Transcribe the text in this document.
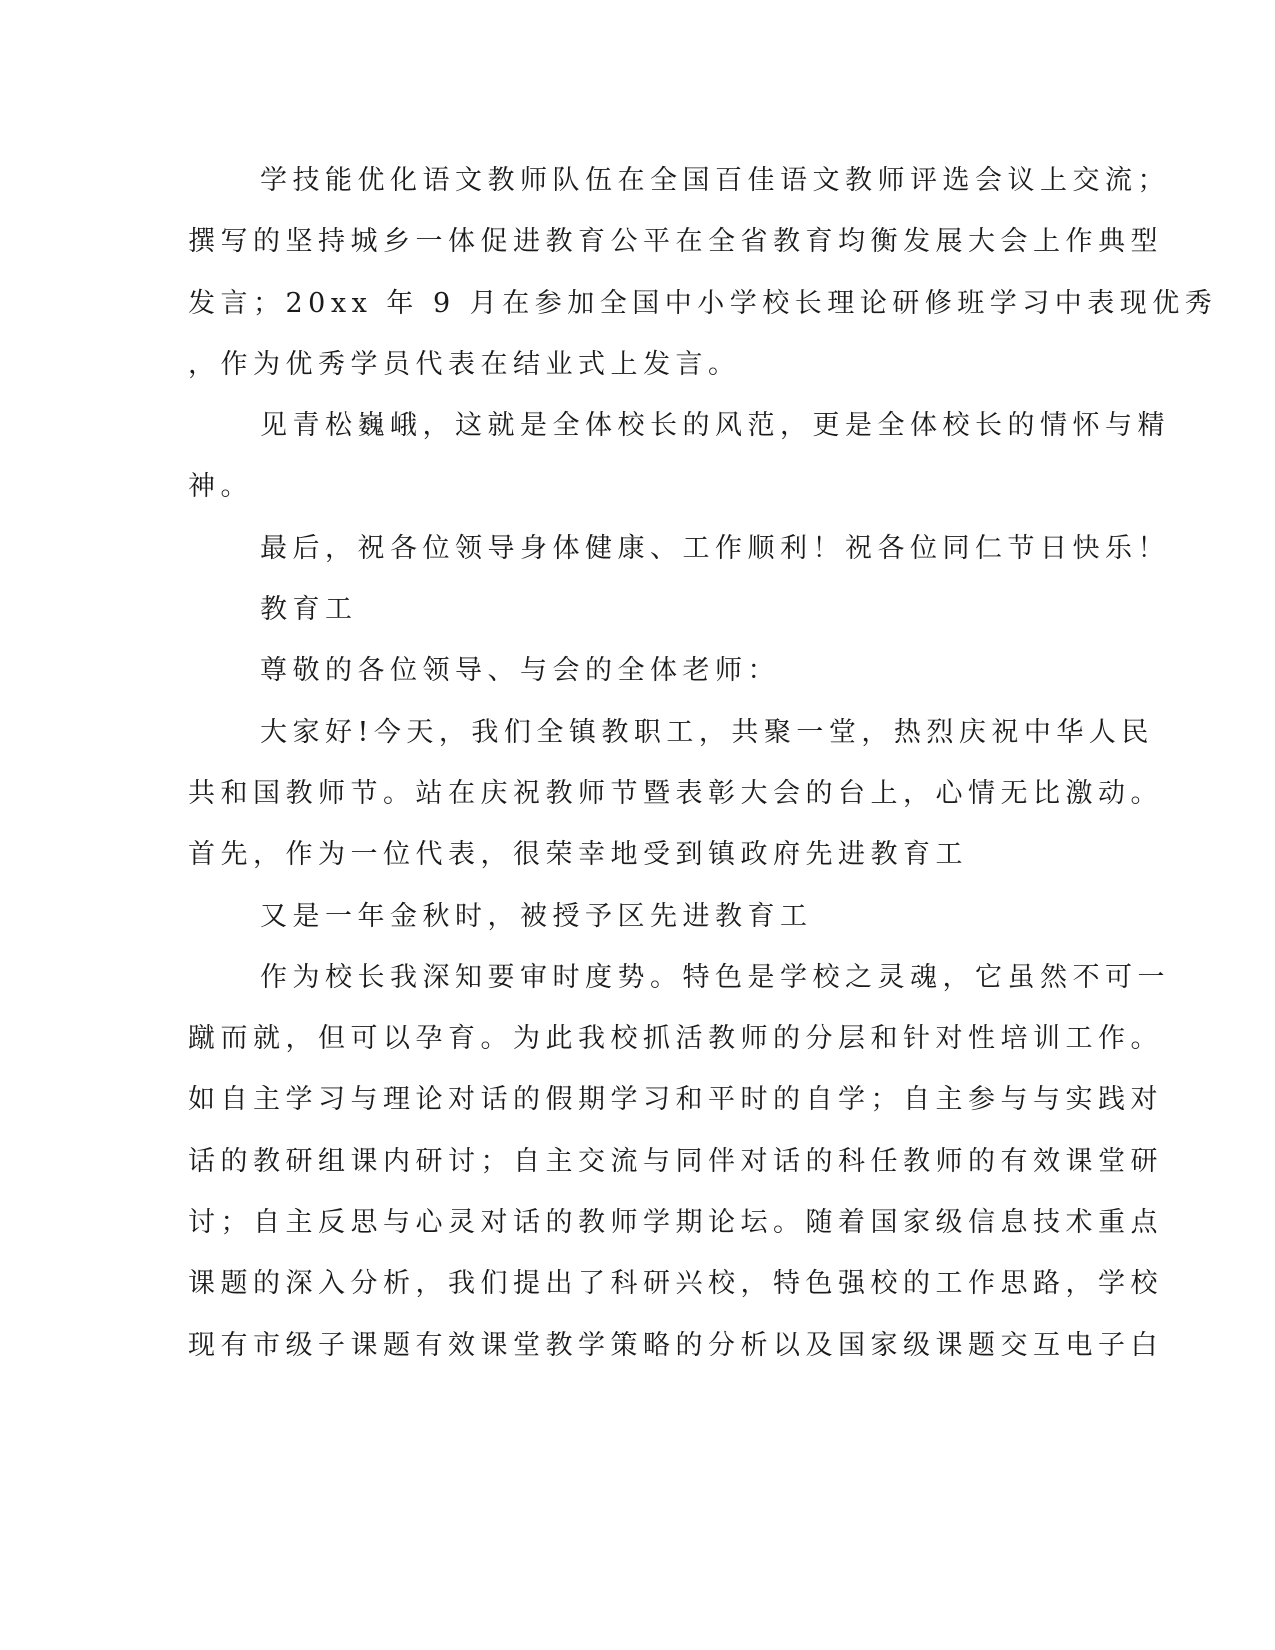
学技能优化语文教师队伍在全国百佳语文教师评选会议上交流；
撰写的坚持城乡一体促进教育公平在全省教育均衡发展大会上作典型
发言；20xx 年 9 月在参加全国中小学校长理论研修班学习中表现优秀
，作为优秀学员代表在结业式上发言。
见青松巍峨，这就是全体校长的风范，更是全体校长的情怀与精
神。
最后，祝各位领导身体健康、工作顺利！祝各位同仁节日快乐！
教育工
尊敬的各位领导、与会的全体老师：
大家好!今天，我们全镇教职工，共聚一堂，热烈庆祝中华人民
共和国教师节。站在庆祝教师节暨表彰大会的台上，心情无比激动。
首先，作为一位代表，很荣幸地受到镇政府先进教育工
又是一年金秋时，被授予区先进教育工
作为校长我深知要审时度势。特色是学校之灵魂，它虽然不可一
蹴而就，但可以孕育。为此我校抓活教师的分层和针对性培训工作。
如自主学习与理论对话的假期学习和平时的自学；自主参与与实践对
话的教研组课内研讨；自主交流与同伴对话的科任教师的有效课堂研
讨；自主反思与心灵对话的教师学期论坛。随着国家级信息技术重点
课题的深入分析，我们提出了科研兴校，特色强校的工作思路，学校
现有市级子课题有效课堂教学策略的分析以及国家级课题交互电子白
